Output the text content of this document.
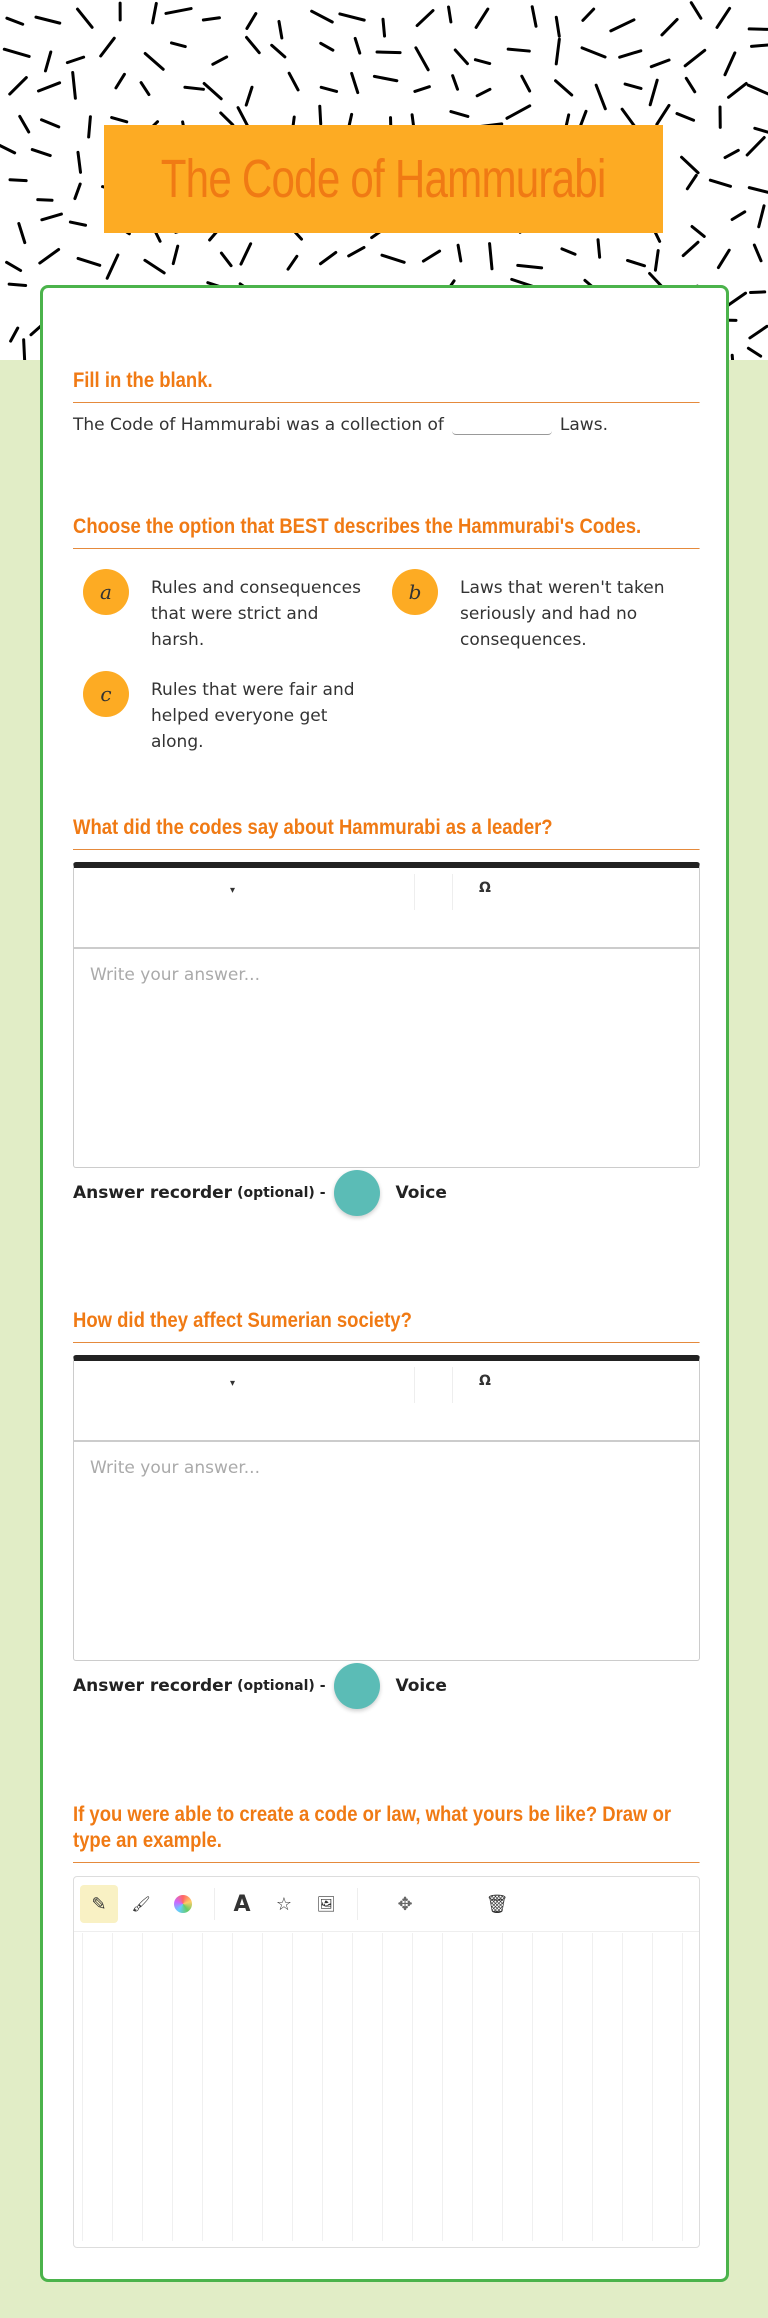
The Code of Hammurabi
Fill in the blank.
The Code of Hammurabi was a collection of	Laws.
Choose the option that BEST describes the Hammurabi's Codes.
a	Rules and consequences that were strict and harsh.
b	Laws that weren't taken seriously and had no consequences.
c	Rules that were fair and helped everyone get along.
What did the codes say about Hammurabi as a leader?
▾	Ω
Write your answer...
Answer recorder (optional) -	Voice
How did they affect Sumerian society?
▾	Ω
Write your answer...
Answer recorder (optional) -	Voice
If you were able to create a code or law, what yours be like? Draw or type an example.
✎	🖌	A	☆	🖼	✥	🗑
